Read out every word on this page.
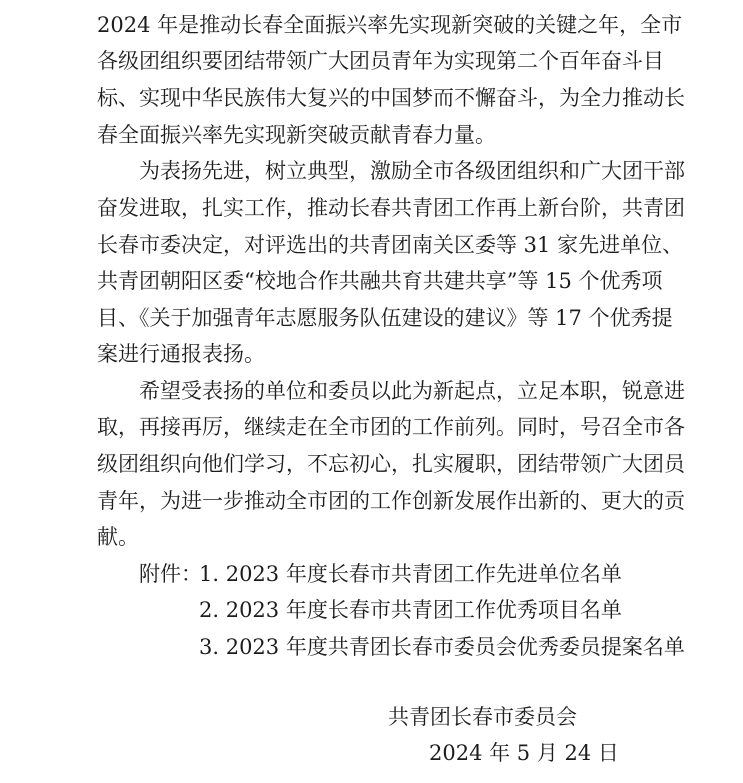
2024 年是推动长春全面振兴率先实现新突破的关键之年，全市
各级团组织要团结带领广大团员青年为实现第二个百年奋斗目
标、实现中华民族伟大复兴的中国梦而不懈奋斗，为全力推动长
春全面振兴率先实现新突破贡献青春力量。
为表扬先进，树立典型，激励全市各级团组织和广大团干部
奋发进取，扎实工作，推动长春共青团工作再上新台阶，共青团
长春市委决定，对评选出的共青团南关区委等 31 家先进单位、
共青团朝阳区委“校地合作共融共育共建共享”等 15 个优秀项
目、《关于加强青年志愿服务队伍建设的建议》等 17 个优秀提
案进行通报表扬。
希望受表扬的单位和委员以此为新起点，立足本职，锐意进
取，再接再厉，继续走在全市团的工作前列。同时，号召全市各
级团组织向他们学习，不忘初心，扎实履职，团结带领广大团员
青年，为进一步推动全市团的工作创新发展作出新的、更大的贡
献。
附件：
1. 2023 年度长春市共青团工作先进单位名单
2. 2023 年度长春市共青团工作优秀项目名单
3. 2023 年度共青团长春市委员会优秀委员提案名单
共青团长春市委员会
2024 年 5 月 24 日
